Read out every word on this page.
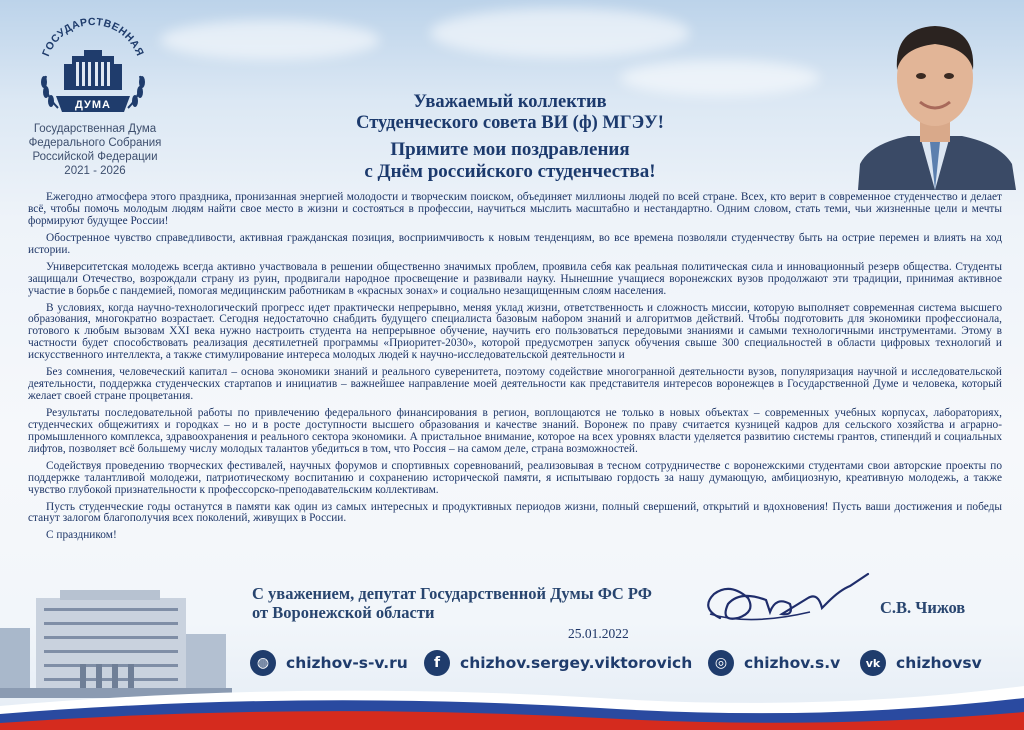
ГОСУДАРСТВЕННАЯ
ДУМА
Государственная Дума
Федерального Собрания
Российской Федерации
2021 - 2026
Уважаемый коллектив
Студенческого совета ВИ (ф) МГЭУ!
Примите мои поздравления
с Днём российского студенчества!

Ежегодно атмосфера этого праздника, пронизанная энергией молодости и творческим поиском, объединяет миллионы людей по всей стране. Всех, кто верит в современное студенчество и делает всё, чтобы помочь молодым людям найти свое место в жизни и состояться в профессии, научиться мыслить масштабно и нестандартно. Одним словом, стать теми, чьи жизненные цели и мечты формируют будущее России!

Обостренное чувство справедливости, активная гражданская позиция, восприимчивость к новым тенденциям, во все времена позволяли студенчеству быть на острие перемен и влиять на ход истории.

Университетская молодежь всегда активно участвовала в решении общественно значимых проблем, проявила себя как реальная политическая сила и инновационный резерв общества. Студенты защищали Отечество, возрождали страну из руин, продвигали народное просвещение и развивали науку. Нынешние учащиеся воронежских вузов продолжают эти традиции, принимая активное участие в борьбе с пандемией, помогая медицинским работникам в «красных зонах» и социально незащищенным слоям населения.

В условиях, когда научно-технологический прогресс идет практически непрерывно, меняя уклад жизни, ответственность и сложность миссии, которую выполняет современная система высшего образования, многократно возрастает. Сегодня недостаточно снабдить будущего специалиста базовым набором знаний и алгоритмов действий. Чтобы подготовить для экономики профессионала, готового к любым вызовам XXI века нужно настроить студента на непрерывное обучение, научить его пользоваться передовыми знаниями и самыми технологичными инструментами. Этому в частности будет способствовать реализация десятилетней программы «Приоритет-2030», которой предусмотрен запуск обучения свыше 300 специальностей в области цифровых технологий и искусственного интеллекта, а также стимулирование интереса молодых людей к научно-исследовательской деятельности и

Без сомнения, человеческий капитал – основа экономики знаний и реального суверенитета, поэтому содействие многогранной деятельности вузов, популяризация научной и исследовательской деятельности, поддержка студенческих стартапов и инициатив – важнейшее направление моей деятельности как представителя интересов воронежцев в Государственной Думе и человека, который желает своей стране процветания.

Результаты последовательной работы по привлечению федерального финансирования в регион, воплощаются не только в новых объектах – современных учебных корпусах, лабораториях, студенческих общежитиях и городках – но и в росте доступности высшего образования и качестве знаний. Воронеж по праву считается кузницей кадров для сельского хозяйства и аграрно-промышленного комплекса, здравоохранения и реального сектора экономики. А пристальное внимание, которое на всех уровнях власти уделяется развитию системы грантов, стипендий и социальных лифтов, позволяет всё большему числу молодых талантов убедиться в том, что Россия – на самом деле, страна возможностей.

Содействуя проведению творческих фестивалей, научных форумов и спортивных соревнований, реализовывая в тесном сотрудничестве с воронежскими студентами свои авторские проекты по поддержке талантливой молодежи, патриотическому воспитанию и сохранению исторической памяти, я испытываю гордость за нашу думающую, амбициозную, креативную молодежь, а также чувство глубокой признательности к профессорско-преподавательским коллективам.

Пусть студенческие годы останутся в памяти как один из самых интересных и продуктивных периодов жизни, полный свершений, открытий и вдохновения! Пусть ваши достижения и победы станут залогом благополучия всех поколений, живущих в России.

С праздником!

С уважением, депутат Государственной Думы ФС РФ
от Воронежской области	С.В. Чижов
25.01.2022
◍	chizhov-s-v.ru	f	chizhov.sergey.viktorovich	◎	chizhov.s.v	vk	chizhovsv
